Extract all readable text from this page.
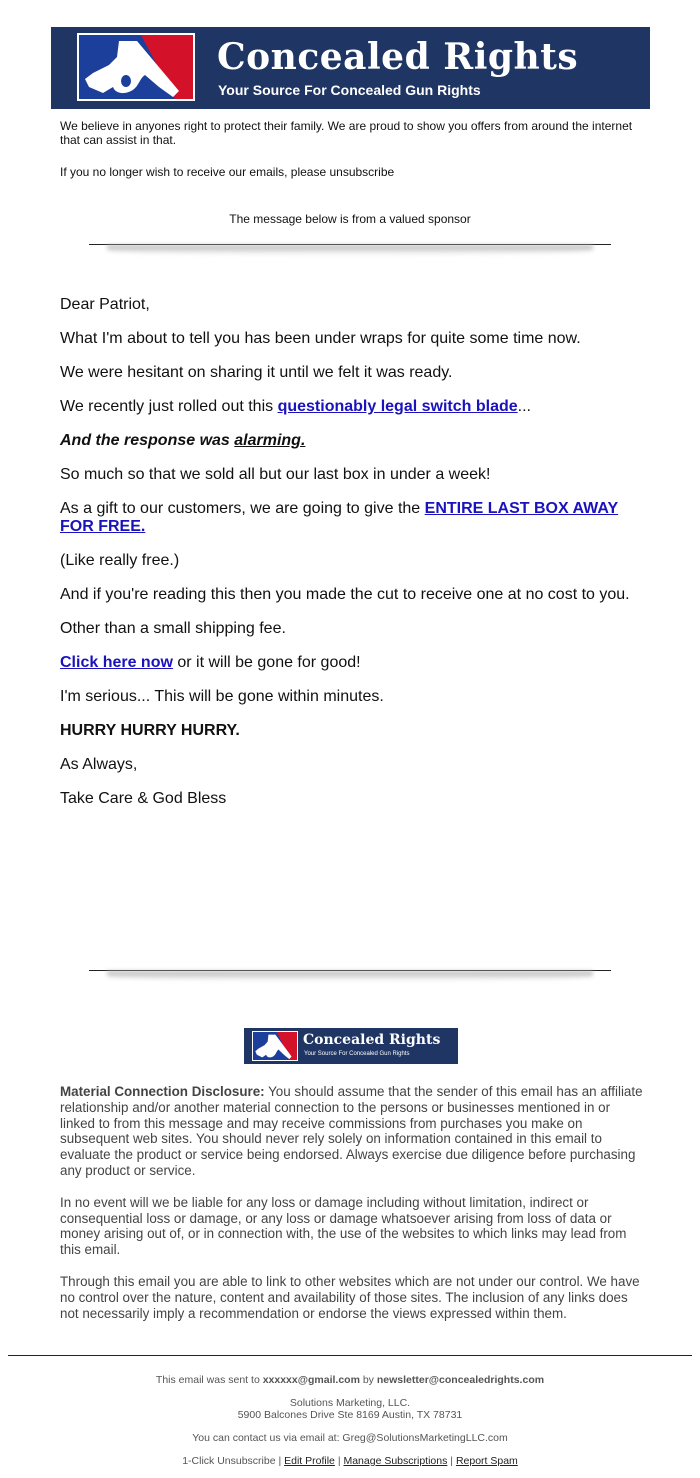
Concealed Rights
Your Source For Concealed Gun Rights

We believe in anyones right to protect their family. We are proud to show you offers from around the internet that can assist in that.

If you no longer wish to receive our emails, please unsubscribe

The message below is from a valued sponsor

Dear Patriot,

What I'm about to tell you has been under wraps for quite some time now.

We were hesitant on sharing it until we felt it was ready.

We recently just rolled out this questionably legal switch blade...

And the response was alarming.

So much so that we sold all but our last box in under a week!

As a gift to our customers, we are going to give the ENTIRE LAST BOX AWAY FOR FREE.

(Like really free.)

And if you're reading this then you made the cut to receive one at no cost to you.

Other than a small shipping fee.

Click here now or it will be gone for good!

I'm serious... This will be gone within minutes.

HURRY HURRY HURRY.

As Always,

Take Care & God Bless

Concealed Rights
Your Source For Concealed Gun Rights

Material Connection Disclosure: You should assume that the sender of this email has an affiliate relationship and/or another material connection to the persons or businesses mentioned in or linked to from this message and may receive commissions from purchases you make on subsequent web sites. You should never rely solely on information contained in this email to evaluate the product or service being endorsed. Always exercise due diligence before purchasing any product or service.

In no event will we be liable for any loss or damage including without limitation, indirect or consequential loss or damage, or any loss or damage whatsoever arising from loss of data or money arising out of, or in connection with, the use of the websites to which links may lead from this email.

Through this email you are able to link to other websites which are not under our control. We have no control over the nature, content and availability of those sites. The inclusion of any links does not necessarily imply a recommendation or endorse the views expressed within them.

This email was sent to xxxxxx@gmail.com by newsletter@concealedrights.com

Solutions Marketing, LLC.
5900 Balcones Drive Ste 8169 Austin, TX 78731

You can contact us via email at: Greg@SolutionsMarketingLLC.com

1-Click Unsubscribe | Edit Profile | Manage Subscriptions | Report Spam
